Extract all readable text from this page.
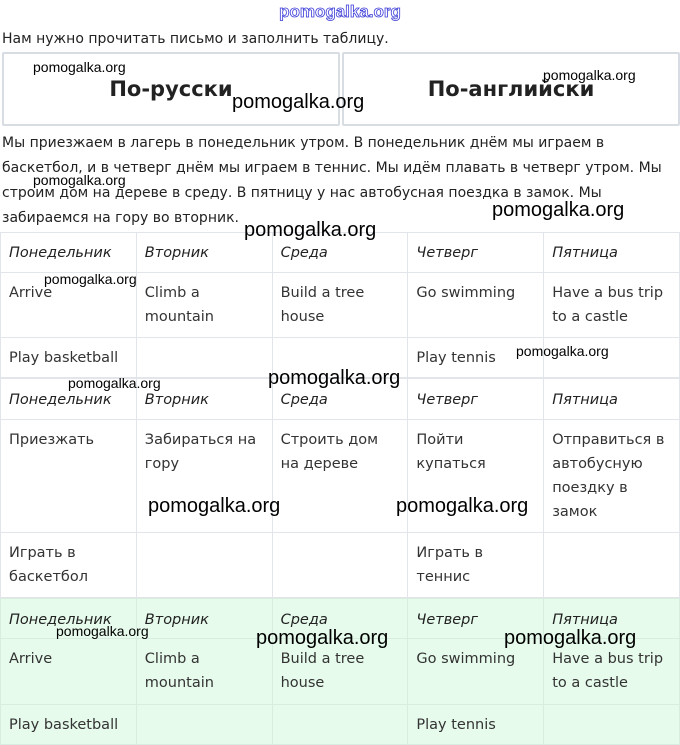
pomogalka.org
Нам нужно прочитать письмо и заполнить таблицу.
По-русски	По-английски
Мы приезжаем в лагерь в понедельник утром. В понедельник днём мы играем в
баскетбол, и в четверг днём мы играем в теннис. Мы идём плавать в четверг утром. Мы
строим дом на дереве в среду. В пятницу у нас автобусная поездка в замок. Мы
забираемся на гору во вторник.
Понедельник	Вторник	Среда	Четверг	Пятница
Arrive	Climb a mountain	Build a tree house	Go swimming	Have a bus trip to a castle
Play basketball			Play tennis	
Понедельник	Вторник	Среда	Четверг	Пятница
Приезжать	Забираться на гору	Строить дом на дереве	Пойти купаться	Отправиться в автобусную поездку в замок
Играть в баскетбол			Играть в теннис	
Понедельник	Вторник	Среда	Четверг	Пятница
Arrive	Climb a mountain	Build a tree house	Go swimming	Have a bus trip to a castle
Play basketball			Play tennis	
pomogalka.org	pomogalka.org
pomogalka.org
pomogalka.org
pomogalka.org
pomogalka.org
pomogalka.org
pomogalka.org
pomogalka.org
pomogalka.org
pomogalka.org	pomogalka.org
pomogalka.org	pomogalka.org	pomogalka.org
